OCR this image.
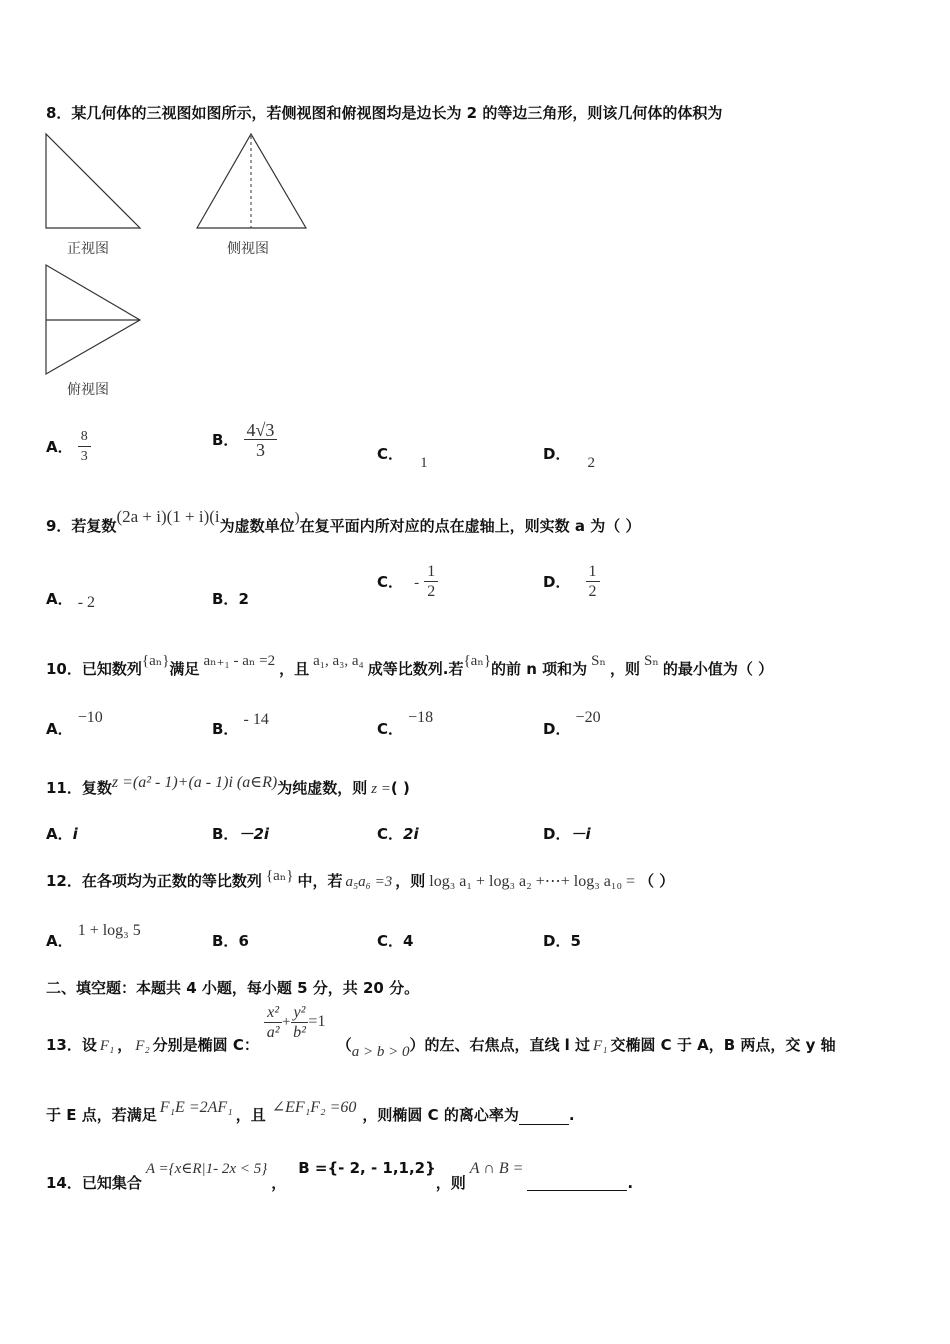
8．某几何体的三视图如图所示，若侧视图和俯视图均是边长为 2 的等边三角形，则该几何体的体积为
正视图	侧视图
俯视图
A． $\frac{8}{3}$	B． $\frac{4√3}{3}$	C． 1	D． 2
9．若复数(2a + i)(1 + i)(i为虚数单位)在复平面内所对应的点在虚轴上，则实数 a 为（ ）
A． - 2	B．2
C． - $\frac{1}{2}$	D． $\frac{1}{2}$
10．已知数列{aₙ}满足 aₙ₊₁ - aₙ =2 ，且 a₁, a₃, a₄ 成等比数列.若{aₙ}的前 n 项和为 Sₙ ，则 Sₙ 的最小值为（ ）
A． −10
B． - 14
C． −18
D． −20
11．复数z =(a² - 1)+(a - 1)i (a∈R)为纯虚数，则 z =( )
A．i	B．－2i	C．2i	D．－i
12．在各项均为正数的等比数列 {aₙ} 中，若 a₅a₆ =3 ，则 log₃ a₁ + log₃ a₂ +⋯+ log₃ a₁₀ = （ ）
A． 1 + log₃ 5
B．6	C．4	D．5
二、填空题：本题共 4 小题，每小题 5 分，共 20 分。
13．设 F₁ ， F₂ 分别是椭圆 C：
$\frac{\text{x²}}{\text{a²}} + \frac{\text{y²}}{\text{b²}} =1$ （a > b > 0）的左、右焦点，直线 l 过 F₁ 交椭圆 C 于 A，B 两点，交 y 轴
于 E 点，若满足 F₁E =2AF₁ ，且 ∠EF₁F₂ =60 ，则椭圆 C 的离心率为	.
14．已知集合A ={x∈R|1- 2x < 5}，B ={- 2, - 1,1,2}，则A ∩ B =.
